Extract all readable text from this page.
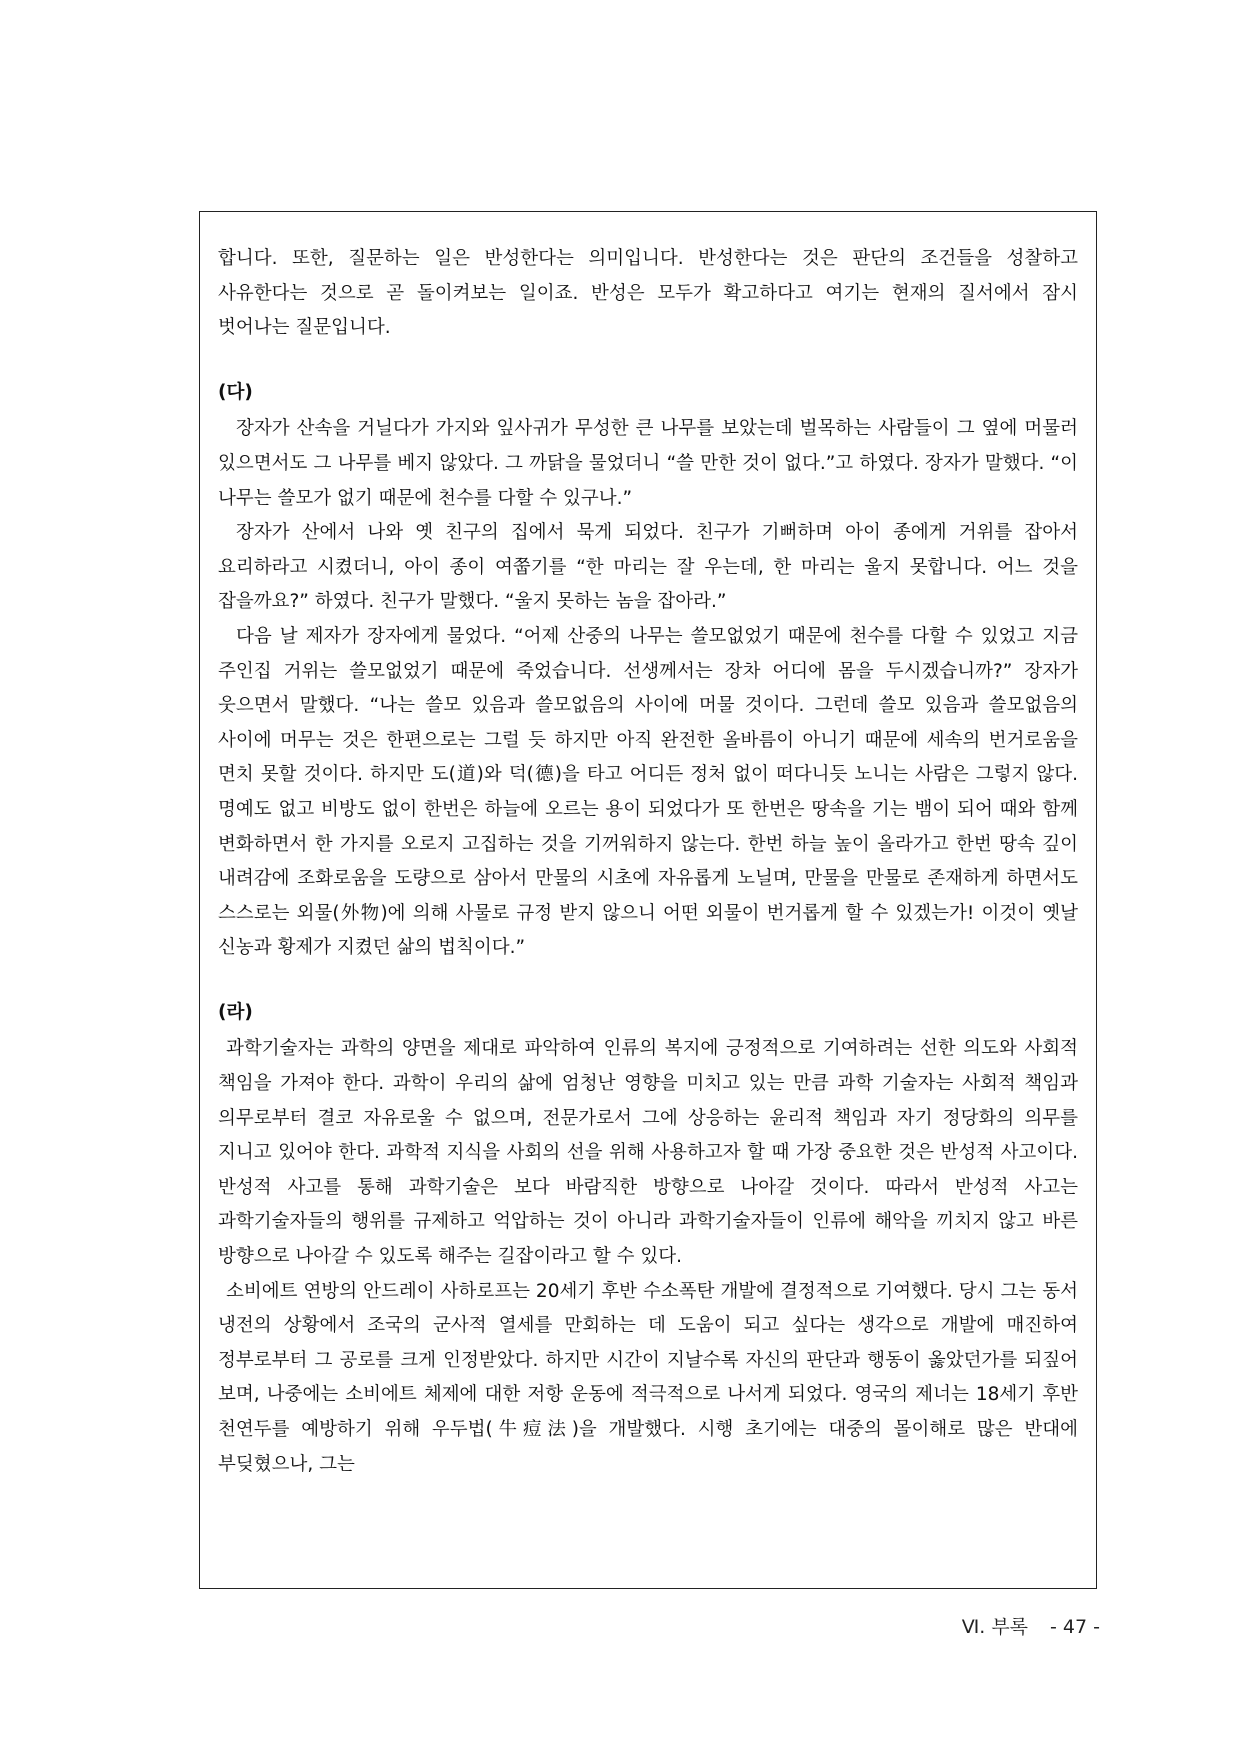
합니다. 또한, 질문하는 일은 반성한다는 의미입니다. 반성한다는 것은 판단의 조건들을 성찰하고 사유한다는 것으로 곧 돌이켜보는 일이죠. 반성은 모두가 확고하다고 여기는 현재의 질서에서 잠시 벗어나는 질문입니다.

(다)

장자가 산속을 거닐다가 가지와 잎사귀가 무성한 큰 나무를 보았는데 벌목하는 사람들이 그 옆에 머물러 있으면서도 그 나무를 베지 않았다. 그 까닭을 물었더니 “쓸 만한 것이 없다.”고 하였다. 장자가 말했다. “이 나무는 쓸모가 없기 때문에 천수를 다할 수 있구나.”

장자가 산에서 나와 옛 친구의 집에서 묵게 되었다. 친구가 기뻐하며 아이 종에게 거위를 잡아서 요리하라고 시켰더니, 아이 종이 여쭙기를 “한 마리는 잘 우는데, 한 마리는 울지 못합니다. 어느 것을 잡을까요?” 하였다. 친구가 말했다. “울지 못하는 놈을 잡아라.”

다음 날 제자가 장자에게 물었다. “어제 산중의 나무는 쓸모없었기 때문에 천수를 다할 수 있었고 지금 주인집 거위는 쓸모없었기 때문에 죽었습니다. 선생께서는 장차 어디에 몸을 두시겠습니까?” 장자가 웃으면서 말했다. “나는 쓸모 있음과 쓸모없음의 사이에 머물 것이다. 그런데 쓸모 있음과 쓸모없음의 사이에 머무는 것은 한편으로는 그럴 듯 하지만 아직 완전한 올바름이 아니기 때문에 세속의 번거로움을 면치 못할 것이다. 하지만 도(道)와 덕(德)을 타고 어디든 정처 없이 떠다니듯 노니는 사람은 그렇지 않다. 명예도 없고 비방도 없이 한번은 하늘에 오르는 용이 되었다가 또 한번은 땅속을 기는 뱀이 되어 때와 함께 변화하면서 한 가지를 오로지 고집하는 것을 기꺼워하지 않는다. 한번 하늘 높이 올라가고 한번 땅속 깊이 내려감에 조화로움을 도량으로 삼아서 만물의 시초에 자유롭게 노닐며, 만물을 만물로 존재하게 하면서도 스스로는 외물(外物)에 의해 사물로 규정 받지 않으니 어떤 외물이 번거롭게 할 수 있겠는가! 이것이 옛날 신농과 황제가 지켰던 삶의 법칙이다.”

(라)

과학기술자는 과학의 양면을 제대로 파악하여 인류의 복지에 긍정적으로 기여하려는 선한 의도와 사회적 책임을 가져야 한다. 과학이 우리의 삶에 엄청난 영향을 미치고 있는 만큼 과학 기술자는 사회적 책임과 의무로부터 결코 자유로울 수 없으며, 전문가로서 그에 상응하는 윤리적 책임과 자기 정당화의 의무를 지니고 있어야 한다. 과학적 지식을 사회의 선을 위해 사용하고자 할 때 가장 중요한 것은 반성적 사고이다. 반성적 사고를 통해 과학기술은 보다 바람직한 방향으로 나아갈 것이다. 따라서 반성적 사고는 과학기술자들의 행위를 규제하고 억압하는 것이 아니라 과학기술자들이 인류에 해악을 끼치지 않고 바른 방향으로 나아갈 수 있도록 해주는 길잡이라고 할 수 있다.

소비에트 연방의 안드레이 사하로프는 20세기 후반 수소폭탄 개발에 결정적으로 기여했다. 당시 그는 동서 냉전의 상황에서 조국의 군사적 열세를 만회하는 데 도움이 되고 싶다는 생각으로 개발에 매진하여 정부로부터 그 공로를 크게 인정받았다. 하지만 시간이 지날수록 자신의 판단과 행동이 옳았던가를 되짚어 보며, 나중에는 소비에트 체제에 대한 저항 운동에 적극적으로 나서게 되었다. 영국의 제너는 18세기 후반 천연두를 예방하기 위해 우두법(牛痘法)을 개발했다. 시행 초기에는 대중의 몰이해로 많은 반대에 부딪혔으나, 그는

Ⅵ. 부록 - 47 -
